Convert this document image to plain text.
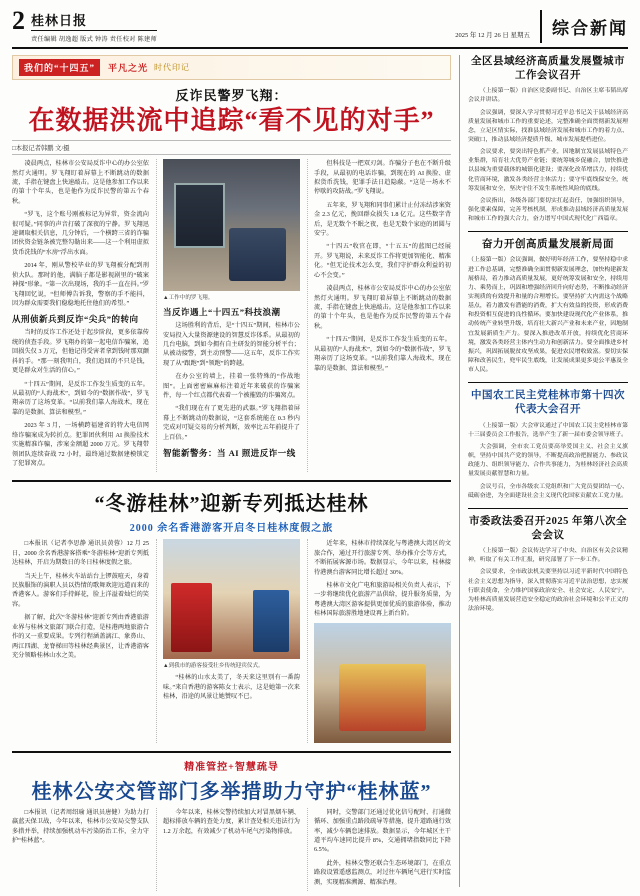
2 桂林日报
责任编辑 胡逸超 版式 钟涛 责任校对 陈建师
2025 年 12 月 26 日 星期五	综合新闻
我们的“十四五”	平凡之光 时代印记
反诈民警罗飞翔：
在数据洪流中追踪“看不见的对手”
□本报记者韩鹏 文/摄

凌晨两点，桂林市公安局反诈中心的办公室依然灯火通明。罗飞翔盯着屏幕上不断跳动的数据流，手指在键盘上快速敲击。这是他参加工作以来的第十个年头，也是他作为反诈民警的第五个春秋。

“罗飞，这个账号刚被标记为异常，资金流向很可疑。”同事的声音打破了深夜的宁静。罗飞翔迅速调取相关信息，几分钟后，一个横跨三省的诈骗团伙资金链条被完整勾勒出来——这一个利用虚拟货币洗钱的“水房”浮出水面。

2014 年，刚从警校毕业的罗飞翔被分配到刑侦大队。那时的他，满脑子都是影视剧里的“破案神探”形象。“第一次出现场，我的手一直在抖。”罗飞翔回忆说，“但师傅告诉我，警察的手不能抖，因为群众需要我们稳稳地托住他们的希望。”

从刑侦新兵到反诈“尖兵”的转向

当时的反诈工作还处于起步阶段，更多依靠传统的侦查手段。罗飞翔办的第一起电信诈骗案，追回损失仅 3 万元，但他记得受害者拿到钱时那双颤抖的手。“那一刻我明白，我们追回的不只是钱，更是群众对生活的信心。”

“十四五”期间，是反诈工作发生质变的五年。从最初的“人海战术”，到如今的“数据作战”，罗飞翔亲历了这场变革。“以前我们靠人海战术，现在靠的是数据、算法和模型。”

2023 年 3 月，一场横跨福建省的特大电信网络诈骗案成为转折点。犯罪团伙利用 AI 换脸技术实施精准诈骗，涉案金额超 2000 万元。罗飞翔带领团队连续奋战 72 小时，最终通过数据建模锁定了犯罪窝点。

▲工作中的罗飞翔。
当反诈遇上“十四五”科技浪潮

这场胜利的背后，是“十四五”期间，桂林市公安局投入大量资源建设的智慧反诈体系。从最初的几台电脑，到如今拥有自主研发的智能分析平台；从被动接警，到主动预警——这五年，反诈工作实现了从“跟跑”到“领跑”的跨越。

在办公室的墙上，挂着一张特殊的“作战地图”。上面密密麻麻标注着近年来破获的诈骗案件，每一个红点都代表着一个被摧毁的诈骗窝点。

“我们现在有了更先进的武器。”罗飞翔指着屏幕上不断跳动的数据说，“这套系统能在 0.3 秒内完成对可疑交易的分析判断，效率比五年前提升了上百倍。”

智能新警务：当 AI 照进反诈一线

但科技是一把双刃剑。诈骗分子也在不断升级手段，从最初的电话诈骗，到现在的 AI 换脸、虚拟货币洗钱，犯罪手法日趋隐蔽。“这是一场永不停歇的攻防战。”罗飞翔说。

五年来，罗飞翔和同事们累计止付冻结涉案资金 2.3 亿元，挽回群众损失 1.8 亿元。这些数字背后，是无数个不眠之夜，也是无数个家庭的团圆与安宁。

“十四五”收官在即，“十五五”的蓝图已经展开。罗飞翔说，未来反诈工作将更加智能化、精准化。“但无论技术怎么变，我们守护群众利益的初心不会变。”

凌晨两点，桂林市公安局反诈中心的办公室依然灯火通明。罗飞翔盯着屏幕上不断跳动的数据流，手指在键盘上快速敲击。这是他参加工作以来的第十个年头，也是他作为反诈民警的第五个春秋。

“十四五”期间，是反诈工作发生质变的五年。从最初的“人海战术”，到如今的“数据作战”，罗飞翔亲历了这场变革。“以前我们靠人海战术，现在靠的是数据、算法和模型。”

“冬游桂林”迎新专列抵达桂林
2000 余名香港游客开启冬日桂林度假之旅

□本报讯（记者李思静 通讯员黄蓉）12 月 25 日，2000 余名香港游客搭乘“冬游桂林”迎新专列抵达桂林，开启为期数日的冬日桂林度假之旅。

当天上午，桂林火车站站台上锣鼓喧天，身着民族服饰的演职人员以热情的歌舞欢迎远道而来的香港客人。游客们手持鲜花，脸上洋溢着灿烂的笑容。

据了解，此次“冬游桂林”迎新专列由香港旅游业界与桂林文旅部门联合打造，是桂港两地旅游合作的又一重要成果。专列行程涵盖漓江、象鼻山、两江四湖、龙脊梯田等桂林经典景区，让香港游客充分领略桂林山水之美。

▲到我市的游客接受壮乡传统迎宾仪式。

“桂林的山水太美了，冬天来这里别有一番韵味。”来自香港的游客陈女士表示，这是她第一次来桂林，沿途的风景让她赞叹不已。

近年来，桂林市持续深化与粤港澳大湾区的文旅合作，通过开行旅游专列、举办推介会等方式，不断拓展客源市场。数据显示，今年以来，桂林接待港澳台游客同比增长超过 30%。

桂林市文化广电和旅游局相关负责人表示，下一步将继续优化旅游产品供给，提升服务质量，为粤港澳大湾区游客提供更加优质的旅游体验，推动桂林国际旅游胜地建设再上新台阶。

精准管控+智慧疏导
桂林公安交管部门多举措助力守护“桂林蓝”

□本报讯（记者周绍瑜 通讯员唐健）为助力打赢蓝天保卫战，今年以来，桂林市公安局交警支队多措并举，持续加强机动车污染防治工作，全力守护“桂林蓝”。

今年以来，桂林交警持续加大对冒黑烟车辆、超标排放车辆的查处力度，累计查处相关违法行为 1.2 万余起，有效减少了机动车尾气污染物排放。

同时，交警部门还通过优化信号配时、打通微循环、加强重点路段疏导等措施，提升道路通行效率，减少车辆怠速排放。数据显示，今年城区主干道平均车速同比提升 8%，交通拥堵指数同比下降 6.5%。

此外，桂林交警还联合生态环境部门，在重点路段设置遥感监测点，对过往车辆尾气进行实时监测，实现精准溯源、精准治理。

全区县域经济高质量发展暨城市工作会议召开

（上接第一版）自治区党委副书记、自治区主席韦韬出席会议并讲话。

会议强调，要深入学习贯彻习近平总书记关于县域经济高质量发展和城市工作的重要论述，完整准确全面贯彻新发展理念，立足区情实际，找准县域经济发展和城市工作的着力点、突破口，推动县域经济提质升级、城市发展提档进位。

会议要求，要突出特色抓产业，因地制宜发展县域特色产业集群，培育壮大优势产业链；要统筹城乡促融合，加快推进以县城为重要载体的城镇化建设；要深化改革增活力，持续优化营商环境，激发各类经营主体活力；要守牢底线保安全，统筹发展和安全，坚决守住不发生系统性风险的底线。

会议指出，各级各部门要切实扛起责任，加强组织领导，强化要素保障，完善考核机制，形成推动县域经济高质量发展和城市工作的强大合力，奋力谱写中国式现代化广西篇章。

奋力开创高质量发展新局面
（上接第一版）会议强调，做好明年经济工作，要坚持稳中求进工作总基调，完整准确全面贯彻新发展理念，加快构建新发展格局，着力推动高质量发展，更好统筹发展和安全，持续用力、乘势而上，巩固和增强经济回升向好态势，不断推动经济实现质的有效提升和量的合理增长。要坚持扩大内需这个战略基点，着力激发有潜能的消费，扩大有效益的投资，形成消费和投资相互促进的良性循环。要加快建设现代化产业体系，推动传统产业转型升级，培育壮大新兴产业和未来产业，因地制宜发展新质生产力。要深入推进改革开放，持续优化营商环境，激发各类经营主体内生动力和创新活力。要全面推进乡村振兴，巩固拓展脱贫攻坚成果，促进农民增收致富。要切实保障和改善民生，兜牢民生底线，让发展成果更多更公平惠及全市人民。
中国农工民主党桂林市第十四次代表大会召开

（上接第一版）大会审议通过了中国农工民主党桂林市第十三届委员会工作报告，选举产生了新一届市委会领导班子。

大会强调，全市农工党员要高举爱国主义、社会主义旗帜，坚持中国共产党的领导，不断提高政治把握能力、参政议政能力、组织领导能力、合作共事能力，为桂林经济社会高质量发展贡献智慧和力量。

会议号召，全市各级农工党组织和广大党员要团结一心、砥砺奋进，为全面建设社会主义现代化国家贡献农工党力量。

市委政法委召开2025 年第八次全会会议

（上接第一版）会议传达学习了中央、自治区有关会议精神，听取了有关工作汇报，研究部署了下一步工作。

会议要求，全市政法机关要坚持以习近平新时代中国特色社会主义思想为指导，深入贯彻落实习近平法治思想，忠实履行职责使命，全力维护国家政治安全、社会安定、人民安宁，为桂林高质量发展营造安全稳定的政治社会环境和公平正义的法治环境。
